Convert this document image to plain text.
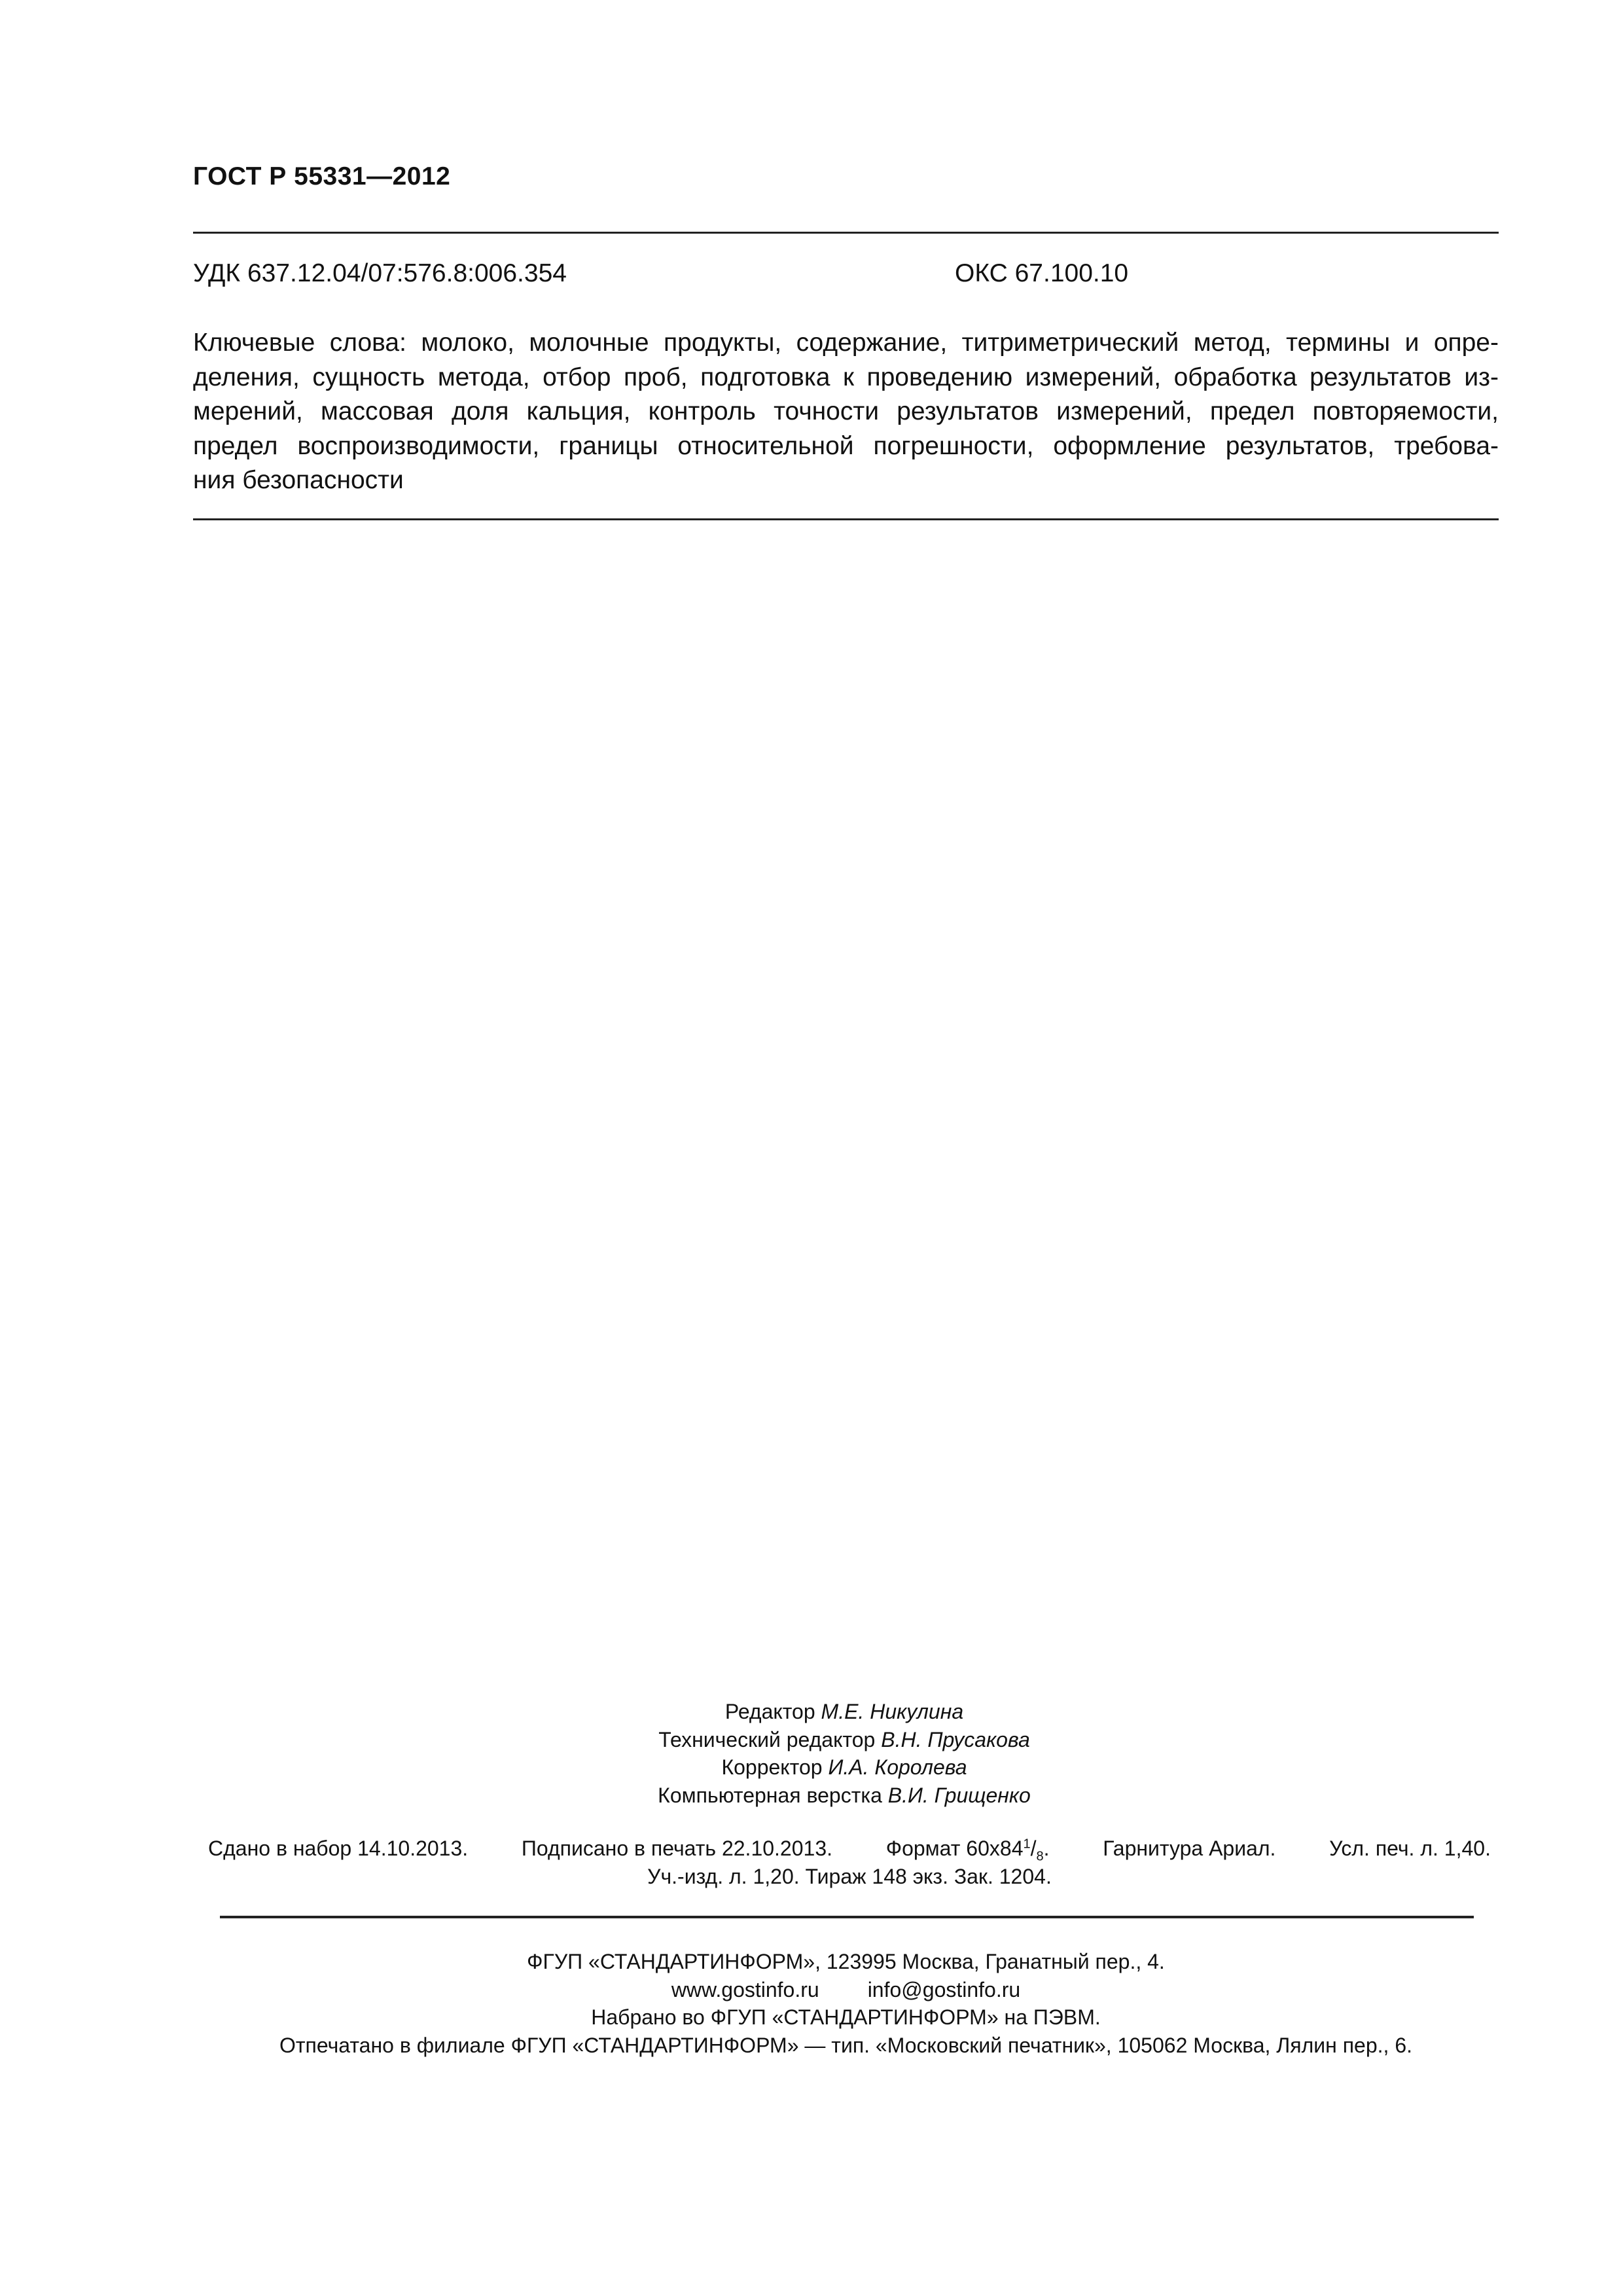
ГОСТ Р 55331—2012
УДК 637.12.04/07:576.8:006.354	ОКС 67.100.10
Ключевые слова: молоко, молочные продукты, содержание, титриметрический метод, термины и опре-
деления, сущность метода, отбор проб, подготовка к проведению измерений, обработка результатов из-
мерений, массовая доля кальция, контроль точности результатов измерений, предел повторяемости,
предел воспроизводимости, границы относительной погрешности, оформление результатов, требова-
ния безопасности
Редактор М.Е. Никулина
Технический редактор В.Н. Прусакова
Корректор И.А. Королева
Компьютерная верстка В.И. Грищенко
Сдано в набор 14.10.2013.	Подписано в печать 22.10.2013.	Формат $60x84^1/_8$.	Гарнитура Ариал.	Усл. печ. л. 1,40.
Уч.-изд. л. 1,20. Тираж 148 экз. Зак. 1204.
ФГУП «СТАНДАРТИНФОРМ», 123995 Москва, Гранатный пер., 4.
www.gostinfo.ru info@gostinfo.ru
Набрано во ФГУП «СТАНДАРТИНФОРМ» на ПЭВМ.
Отпечатано в филиале ФГУП «СТАНДАРТИНФОРМ» — тип. «Московский печатник», 105062 Москва, Лялин пер., 6.
